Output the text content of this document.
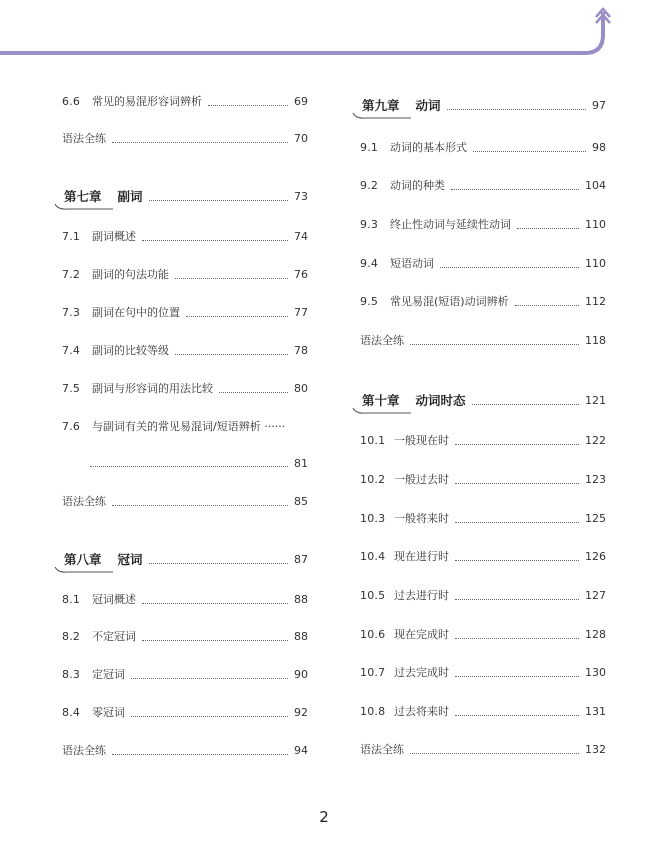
6.6	常见的易混形容词辨析	69
语法全练	70
第七章 副词	73
7.1	副词概述	74
7.2	副词的句法功能	76
7.3	副词在句中的位置	77
7.4	副词的比较等级	78
7.5	副词与形容词的用法比较	80
7.6	与副词有关的常见易混词/短语辨析 ······
81
语法全练	85
第八章 冠词	87
8.1	冠词概述	88
8.2	不定冠词	88
8.3	定冠词	90
8.4	零冠词	92
语法全练	94
第九章 动词	97
9.1	动词的基本形式	98
9.2	动词的种类	104
9.3	终止性动词与延续性动词	110
9.4	短语动词	110
9.5	常见易混(短语)动词辨析	112
语法全练	118
第十章 动词时态	121
10.1 一般现在时	122
10.2 一般过去时	123
10.3 一般将来时	125
10.4 现在进行时	126
10.5 过去进行时	127
10.6 现在完成时	128
10.7 过去完成时	130
10.8 过去将来时	131
语法全练	132
2
